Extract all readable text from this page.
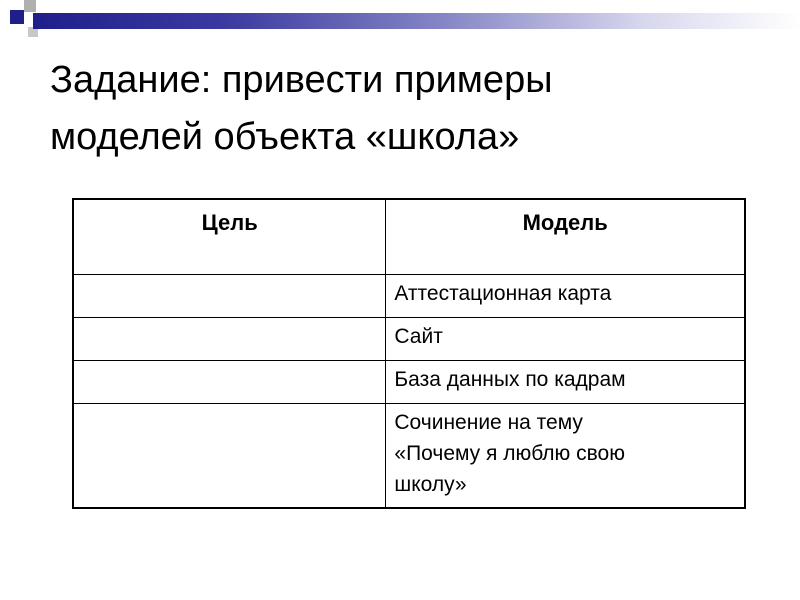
Задание: привести примеры
моделей объекта «школа»
Цель	Модель
	Аттестационная карта
	Сайт
	База данных по кадрам
	Сочинение на тему
«Почему я люблю свою
школу»
